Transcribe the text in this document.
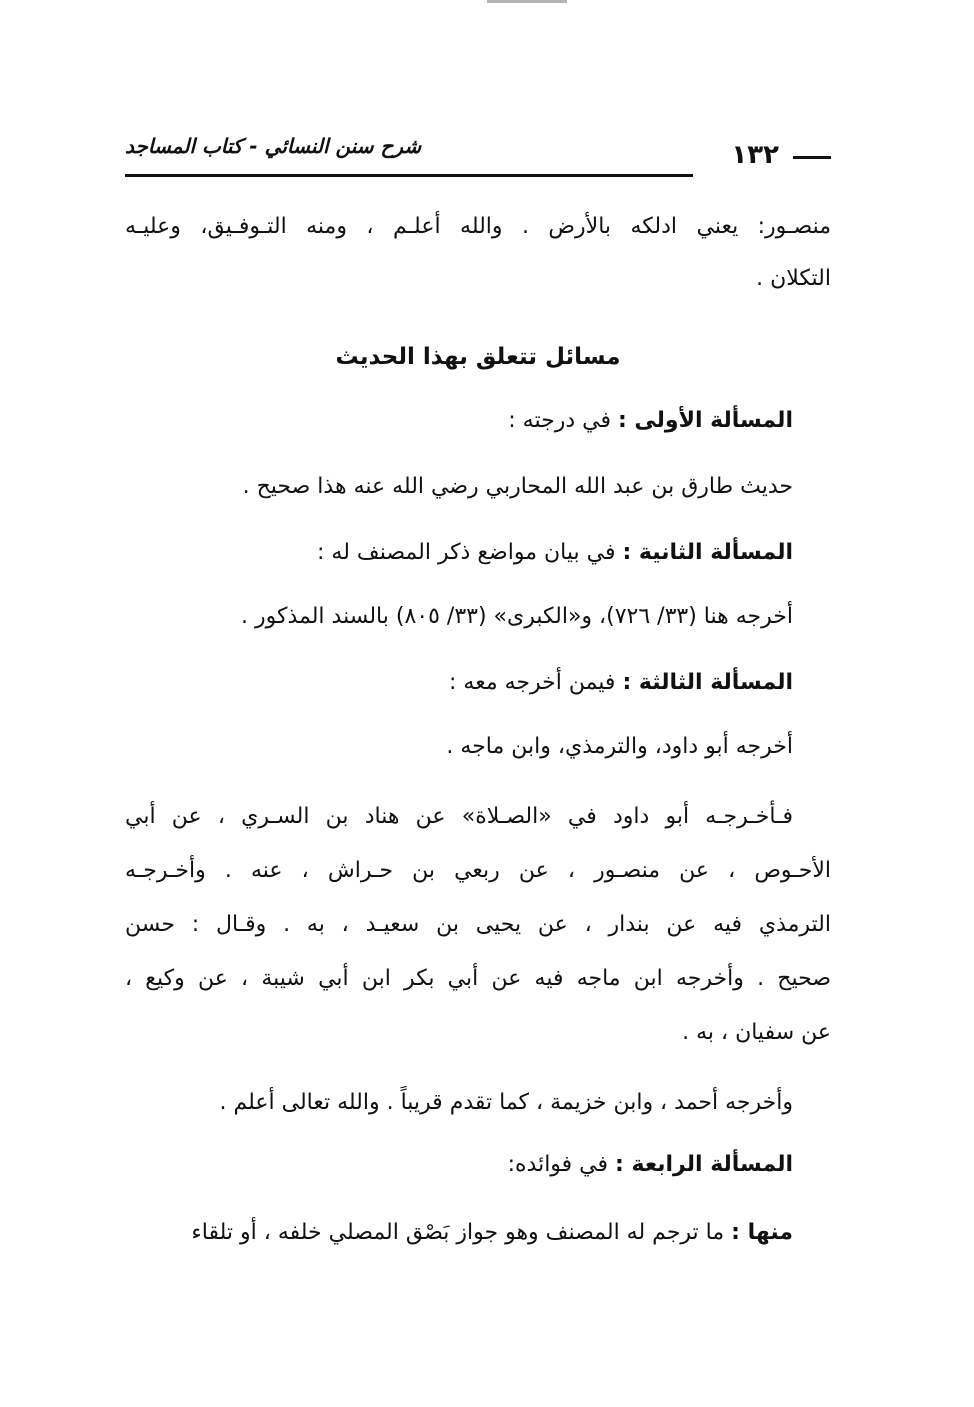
شرح سنن النسائي - كتاب المساجد	١٣٢
منصـور: يعني ادلكه بالأرض . والله أعلـم ، ومنه التـوفـيق، وعليـه
التكلان .
مسائل تتعلق بهذا الحديث
المسألة الأولى : في درجته :
حديث طارق بن عبد الله المحاربي رضي الله عنه هذا صحيح .
المسألة الثانية : في بيان مواضع ذكر المصنف له :
أخرجه هنا (٣٣/ ٧٢٦)، و«الكبرى» (٣٣/ ٨٠٥) بالسند المذكور .
المسألة الثالثة : فيمن أخرجه معه :
أخرجه أبو داود، والترمذي، وابن ماجه .
فـأخـرجـه أبو داود في «الصـلاة» عن هناد بن السـري ، عن أبي
الأحـوص ، عن منصـور ، عن ربعي بن حـراش ، عنه . وأخـرجـه
الترمذي فيه عن بندار ، عن يحيى بن سعيـد ، به . وقـال : حسن
صحيح . وأخرجه ابن ماجه فيه عن أبي بكر ابن أبي شيبة ، عن وكيع ،
عن سفيان ، به .
وأخرجه أحمد ، وابن خزيمة ، كما تقدم قريباً . والله تعالى أعلم .
المسألة الرابعة : في فوائده:
منها : ما ترجم له المصنف وهو جواز بَصْق المصلي خلفه ، أو تلقاء
